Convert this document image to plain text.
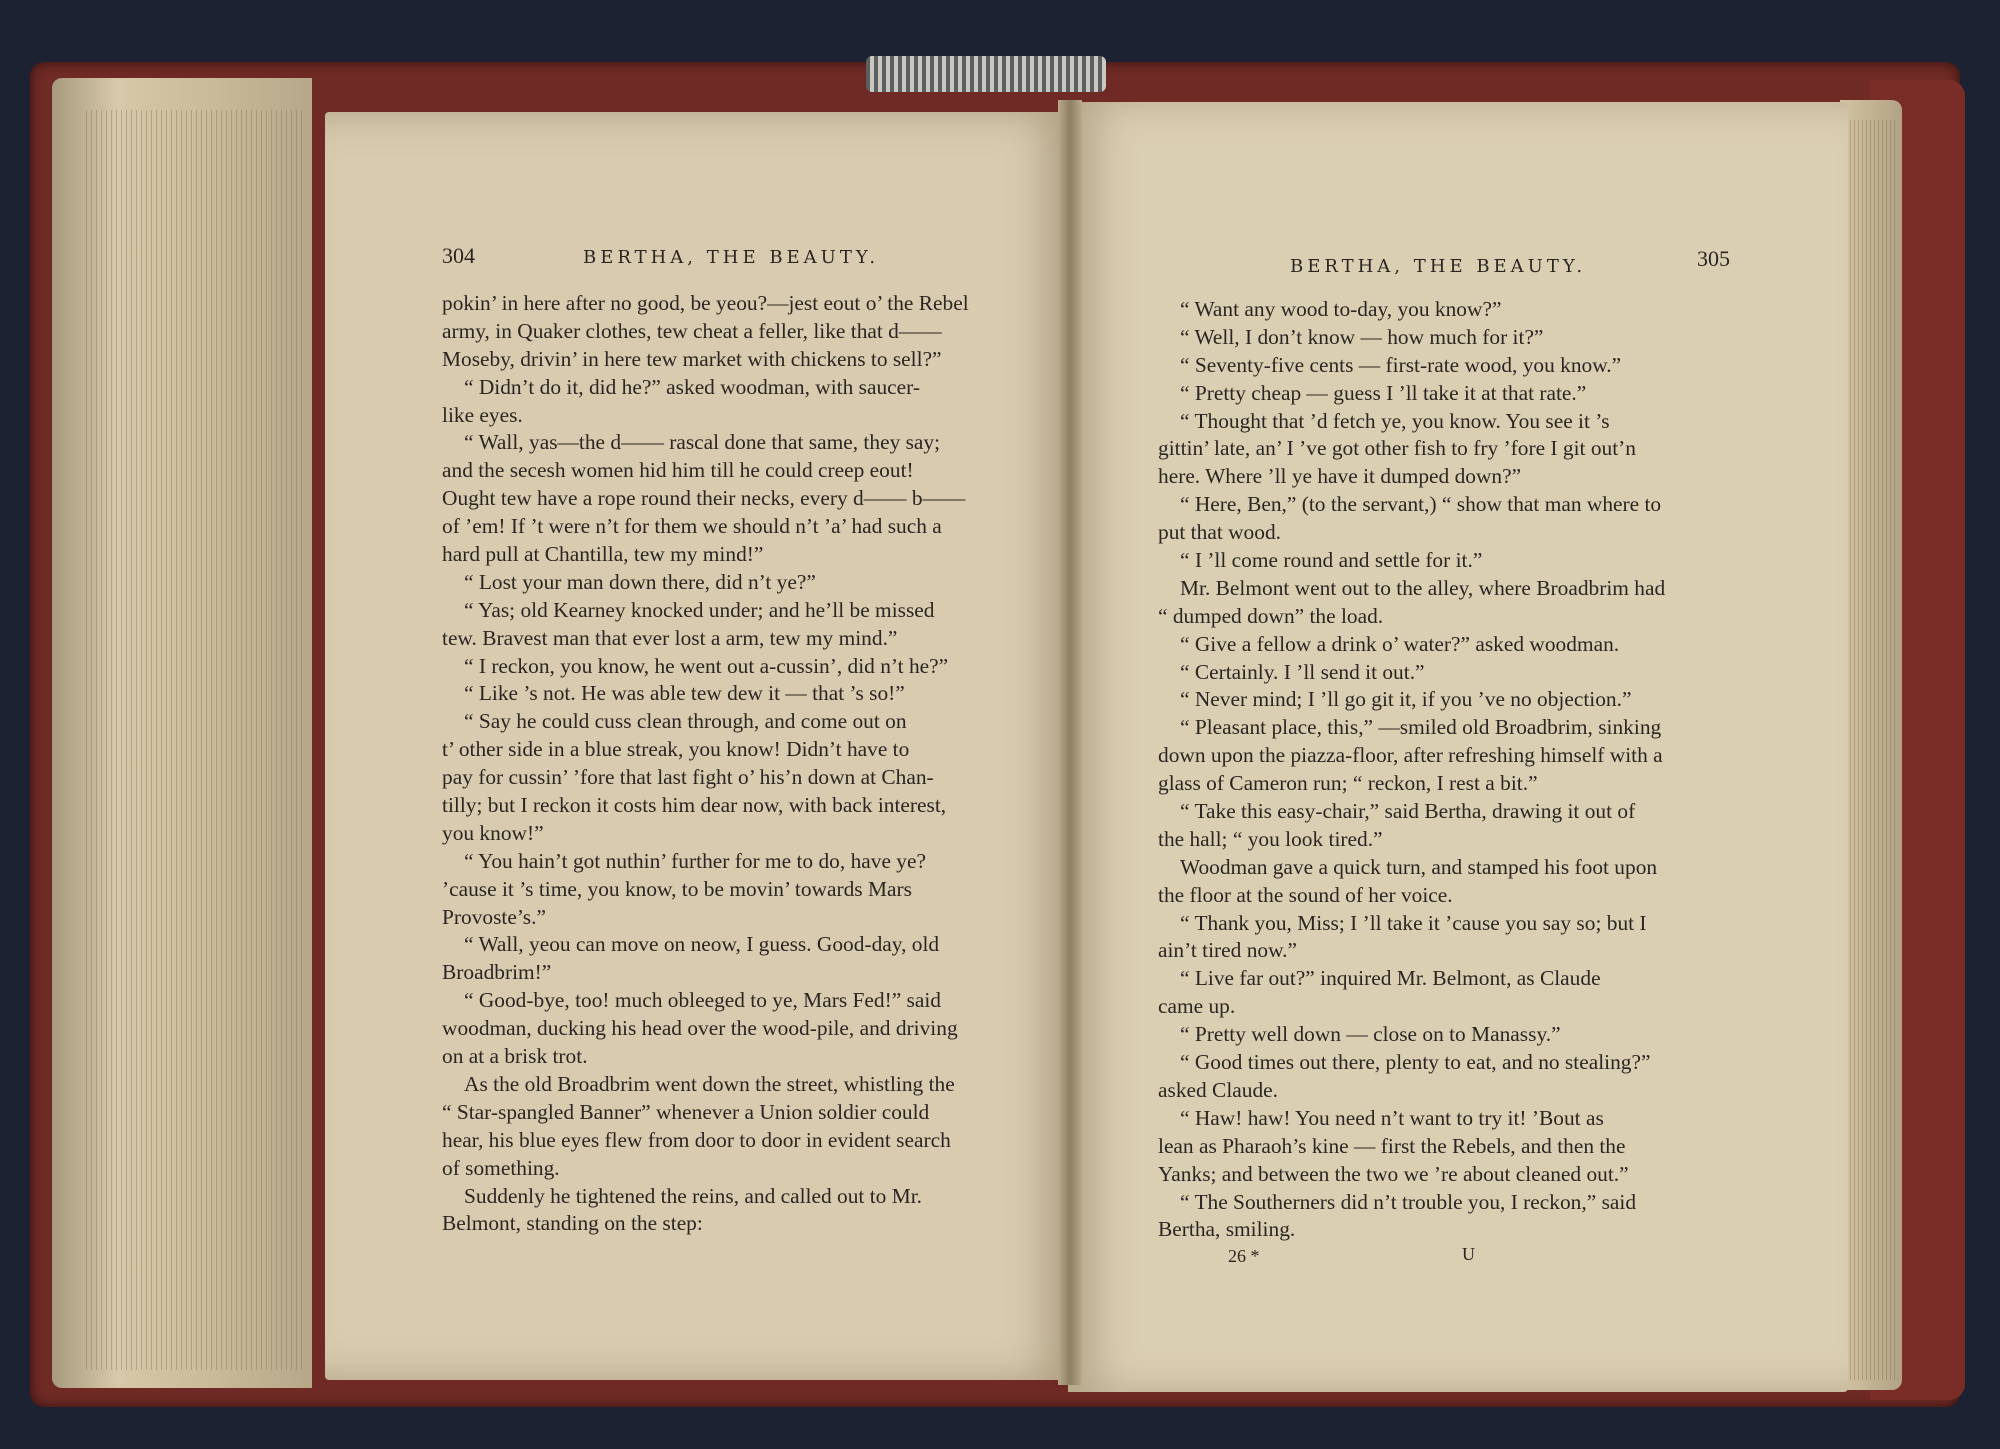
304	BERTHA, THE BEAUTY.	BERTHA, THE BEAUTY.	305
pokin’ in here after no good, be yeou?—jest eout o’ the Rebel
army, in Quaker clothes, tew cheat a feller, like that d——
Moseby, drivin’ in here tew market with chickens to sell?”
“ Didn’t do it, did he?” asked woodman, with saucer-
like eyes.
“ Wall, yas—the d—— rascal done that same, they say;
and the secesh women hid him till he could creep eout!
Ought tew have a rope round their necks, every d—— b——
of ’em! If ’t were n’t for them we should n’t ’a’ had such a
hard pull at Chantilla, tew my mind!”
“ Lost your man down there, did n’t ye?”
“ Yas; old Kearney knocked under; and he’ll be missed
tew. Bravest man that ever lost a arm, tew my mind.”
“ I reckon, you know, he went out a-cussin’, did n’t he?”
“ Like ’s not. He was able tew dew it — that ’s so!”
“ Say he could cuss clean through, and come out on
t’ other side in a blue streak, you know! Didn’t have to
pay for cussin’ ’fore that last fight o’ his’n down at Chan-
tilly; but I reckon it costs him dear now, with back interest,
you know!”
“ You hain’t got nuthin’ further for me to do, have ye?
’cause it ’s time, you know, to be movin’ towards Mars
Provoste’s.”
“ Wall, yeou can move on neow, I guess. Good-day, old
Broadbrim!”
“ Good-bye, too! much obleeged to ye, Mars Fed!” said
woodman, ducking his head over the wood-pile, and driving
on at a brisk trot.
As the old Broadbrim went down the street, whistling the
“ Star-spangled Banner” whenever a Union soldier could
hear, his blue eyes flew from door to door in evident search
of something.
Suddenly he tightened the reins, and called out to Mr.
Belmont, standing on the step:
“ Want any wood to-day, you know?”
“ Well, I don’t know — how much for it?”
“ Seventy-five cents — first-rate wood, you know.”
“ Pretty cheap — guess I ’ll take it at that rate.”
“ Thought that ’d fetch ye, you know. You see it ’s
gittin’ late, an’ I ’ve got other fish to fry ’fore I git out’n
here. Where ’ll ye have it dumped down?”
“ Here, Ben,” (to the servant,) “ show that man where to
put that wood.
“ I ’ll come round and settle for it.”
Mr. Belmont went out to the alley, where Broadbrim had
“ dumped down” the load.
“ Give a fellow a drink o’ water?” asked woodman.
“ Certainly. I ’ll send it out.”
“ Never mind; I ’ll go git it, if you ’ve no objection.”
“ Pleasant place, this,” —smiled old Broadbrim, sinking
down upon the piazza-floor, after refreshing himself with a
glass of Cameron run; “ reckon, I rest a bit.”
“ Take this easy-chair,” said Bertha, drawing it out of
the hall; “ you look tired.”
Woodman gave a quick turn, and stamped his foot upon
the floor at the sound of her voice.
“ Thank you, Miss; I ’ll take it ’cause you say so; but I
ain’t tired now.”
“ Live far out?” inquired Mr. Belmont, as Claude
came up.
“ Pretty well down — close on to Manassy.”
“ Good times out there, plenty to eat, and no stealing?”
asked Claude.
“ Haw! haw! You need n’t want to try it! ’Bout as
lean as Pharaoh’s kine — first the Rebels, and then the
Yanks; and between the two we ’re about cleaned out.”
“ The Southerners did n’t trouble you, I reckon,” said
Bertha, smiling.
26 *	U
